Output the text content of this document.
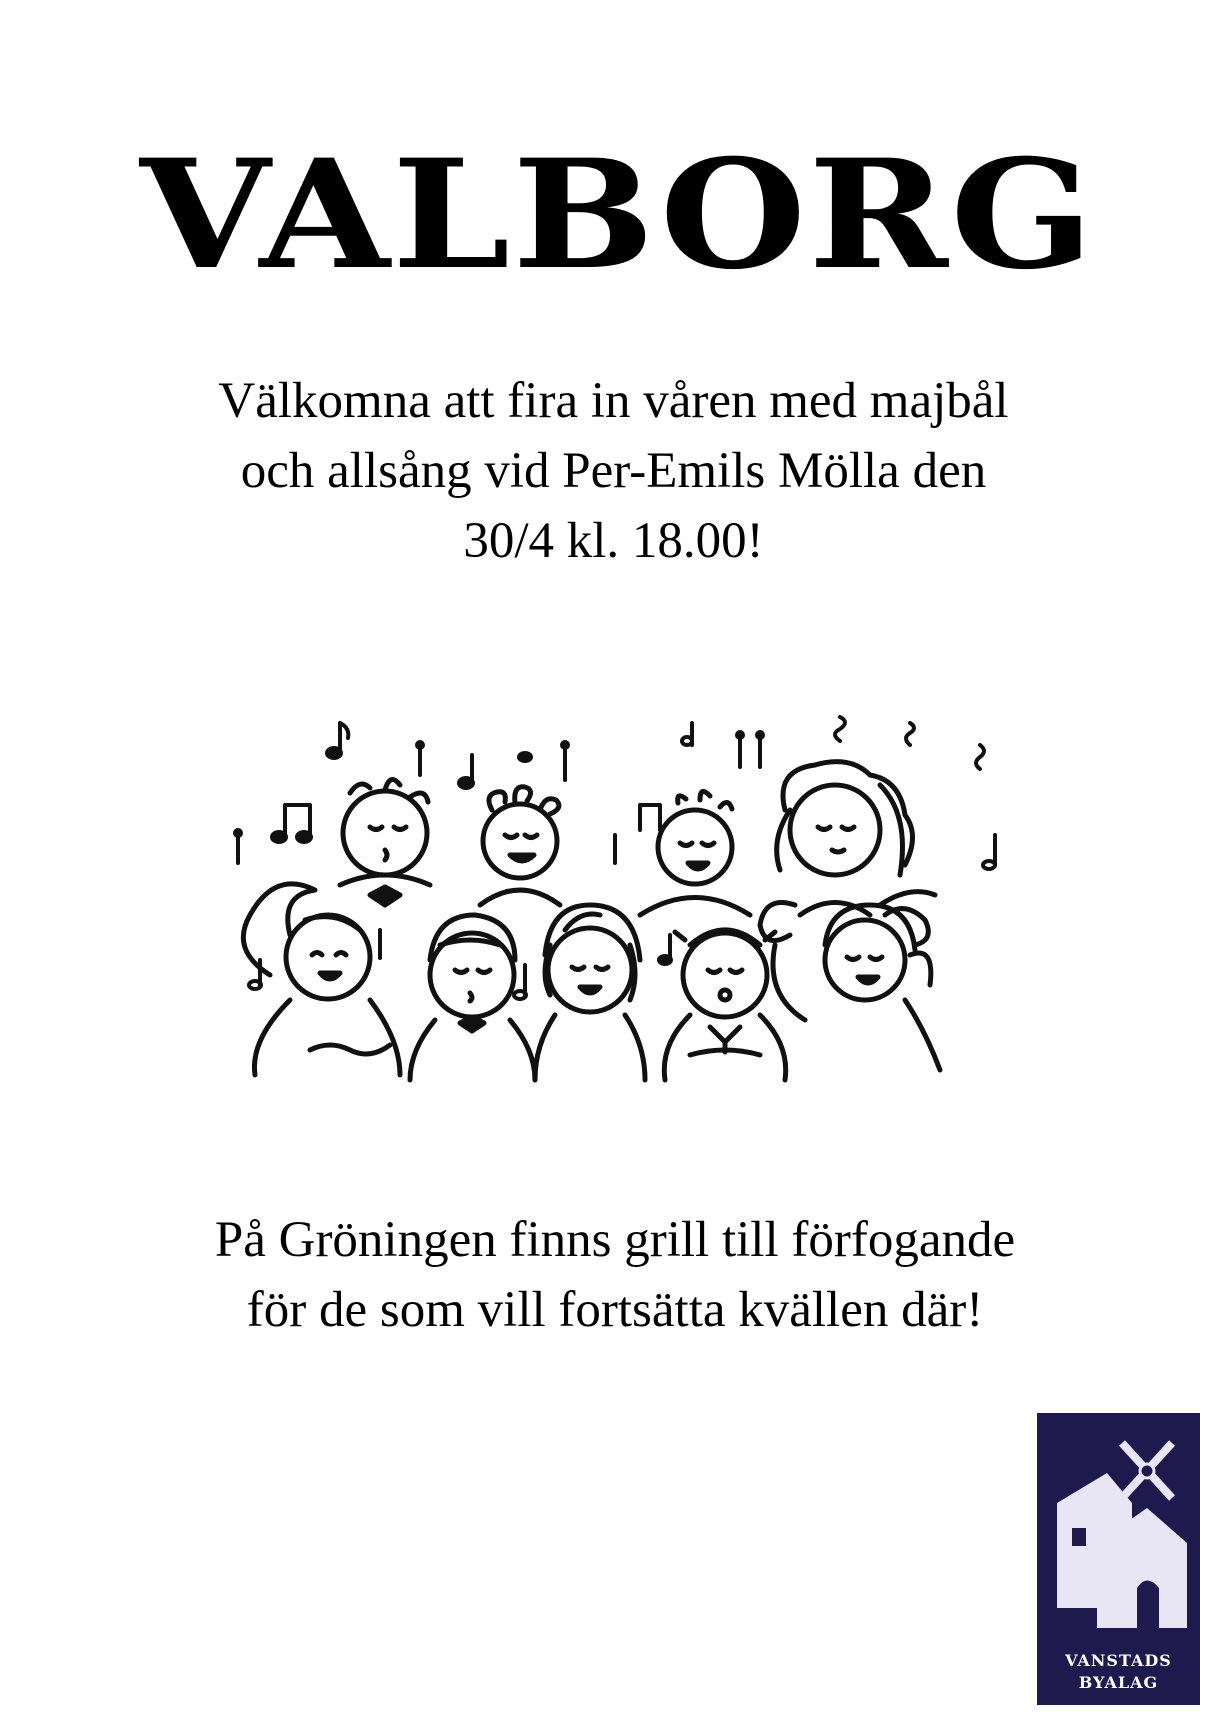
VALBORG
Välkomna att fira in våren med majbål
och allsång vid Per-Emils Mölla den
30/4 kl. 18.00!
På Gröningen finns grill till förfogande
för de som vill fortsätta kvällen där!
VANSTADS
BYALAG
